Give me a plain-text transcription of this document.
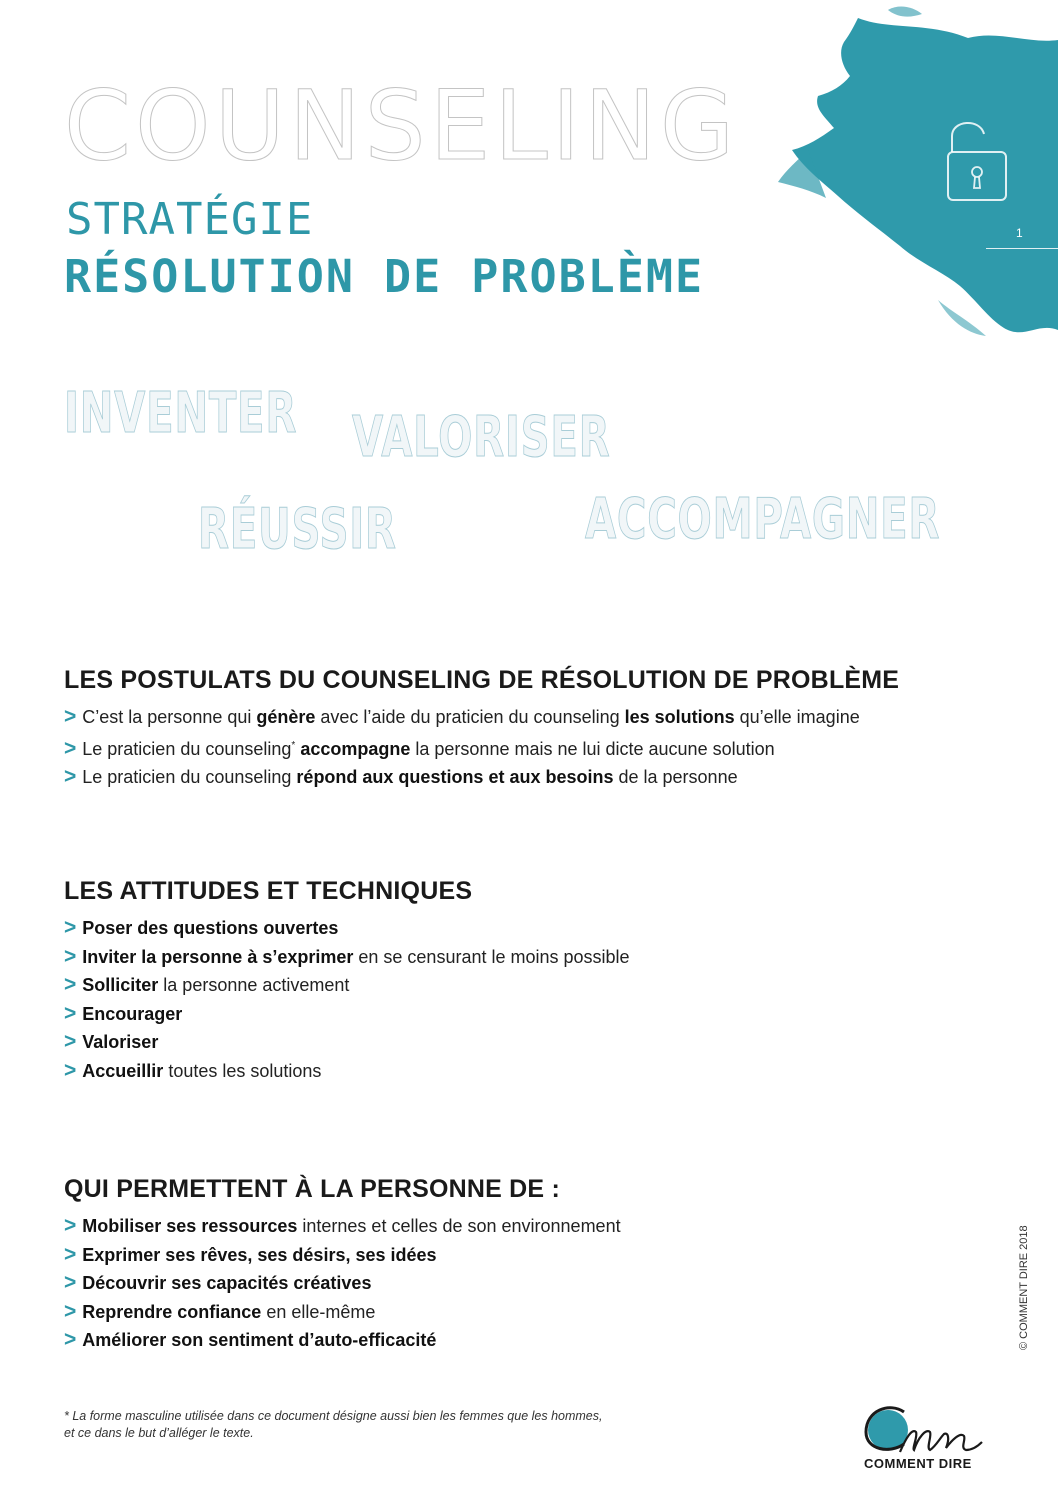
1
COUNSELING
STRATÉGIE
RÉSOLUTION DE PROBLÈME
INVENTER VALORISER
RÉUSSIR	ACCOMPAGNER
LES POSTULATS DU COUNSELING DE RÉSOLUTION DE PROBLÈME
> C’est la personne qui génère avec l’aide du praticien du counseling les solutions qu’elle imagine
> Le praticien du counseling* accompagne la personne mais ne lui dicte aucune solution
> Le praticien du counseling répond aux questions et aux besoins de la personne
LES ATTITUDES ET TECHNIQUES
> Poser des questions ouvertes
> Inviter la personne à s’exprimer en se censurant le moins possible
> Solliciter la personne activement
> Encourager
> Valoriser
> Accueillir toutes les solutions
QUI PERMETTENT À LA PERSONNE DE :
> Mobiliser ses ressources internes et celles de son environnement
> Exprimer ses rêves, ses désirs, ses idées
> Découvrir ses capacités créatives
> Reprendre confiance en elle-même
> Améliorer son sentiment d’auto-efficacité
* La forme masculine utilisée dans ce document désigne aussi bien les femmes que les hommes,
et ce dans le but d’alléger le texte.
© COMMENT DIRE 2018
COMMENT DIRE
